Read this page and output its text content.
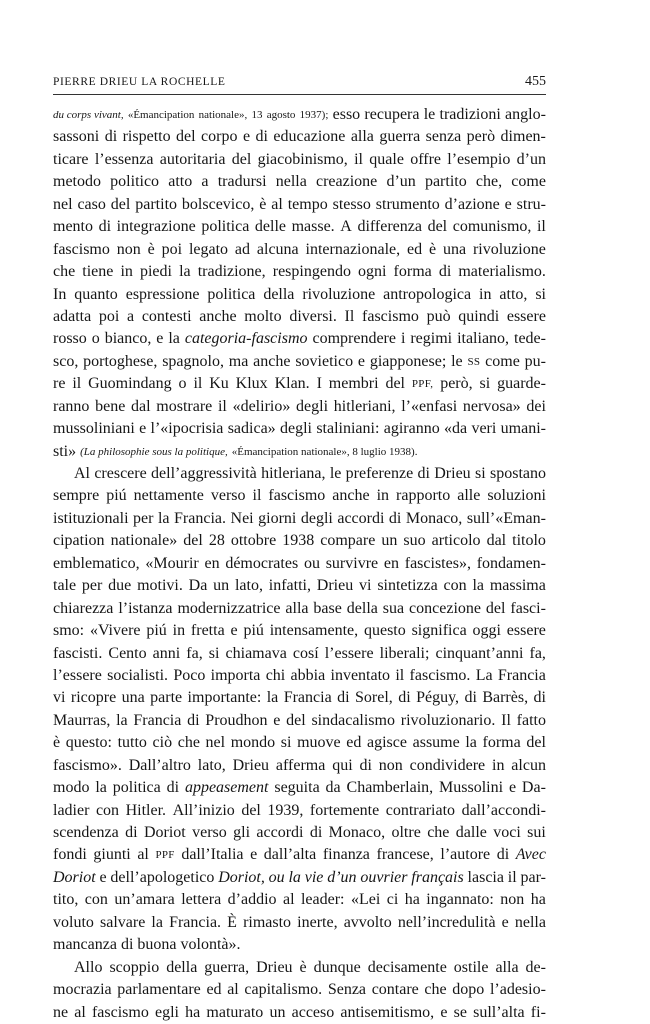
PIERRE DRIEU LA ROCHELLE	455
du corps vivant, «Émancipation nationale», 13 agosto 1937); esso recupera le tradizioni anglo-
sassoni di rispetto del corpo e di educazione alla guerra senza però dimen-
ticare l’essenza autoritaria del giacobinismo, il quale offre l’esempio d’un
metodo politico atto a tradursi nella creazione d’un partito che, come
nel caso del partito bolscevico, è al tempo stesso strumento d’azione e stru-
mento di integrazione politica delle masse. A differenza del comunismo, il
fascismo non è poi legato ad alcuna internazionale, ed è una rivoluzione
che tiene in piedi la tradizione, respingendo ogni forma di materialismo.
In quanto espressione politica della rivoluzione antropologica in atto, si
adatta poi a contesti anche molto diversi. Il fascismo può quindi essere
rosso o bianco, e la categoria-fascismo comprendere i regimi italiano, tede-
sco, portoghese, spagnolo, ma anche sovietico e giapponese; le SS come pu-
re il Guomindang o il Ku Klux Klan. I membri del PPF, però, si guarde-
ranno bene dal mostrare il «delirio» degli hitleriani, l’«enfasi nervosa» dei
mussoliniani e l’«ipocrisia sadica» degli staliniani: agiranno «da veri umani-
sti» (La philosophie sous la politique, «Émancipation nationale», 8 luglio 1938).
Al crescere dell’aggressività hitleriana, le preferenze di Drieu si spostano
sempre piú nettamente verso il fascismo anche in rapporto alle soluzioni
istituzionali per la Francia. Nei giorni degli accordi di Monaco, sull’«Eman-
cipation nationale» del 28 ottobre 1938 compare un suo articolo dal titolo
emblematico, «Mourir en démocrates ou survivre en fascistes», fondamen-
tale per due motivi. Da un lato, infatti, Drieu vi sintetizza con la massima
chiarezza l’istanza modernizzatrice alla base della sua concezione del fasci-
smo: «Vivere piú in fretta e piú intensamente, questo significa oggi essere
fascisti. Cento anni fa, si chiamava cosí l’essere liberali; cinquant’anni fa,
l’essere socialisti. Poco importa chi abbia inventato il fascismo. La Francia
vi ricopre una parte importante: la Francia di Sorel, di Péguy, di Barrès, di
Maurras, la Francia di Proudhon e del sindacalismo rivoluzionario. Il fatto
è questo: tutto ciò che nel mondo si muove ed agisce assume la forma del
fascismo». Dall’altro lato, Drieu afferma qui di non condividere in alcun
modo la politica di appeasement seguita da Chamberlain, Mussolini e Da-
ladier con Hitler. All’inizio del 1939, fortemente contrariato dall’accondi-
scendenza di Doriot verso gli accordi di Monaco, oltre che dalle voci sui
fondi giunti al PPF dall’Italia e dall’alta finanza francese, l’autore di Avec
Doriot e dell’apologetico Doriot, ou la vie d’un ouvrier français lascia il par-
tito, con un’amara lettera d’addio al leader: «Lei ci ha ingannato: non ha
voluto salvare la Francia. È rimasto inerte, avvolto nell’incredulità e nella
mancanza di buona volontà».
Allo scoppio della guerra, Drieu è dunque decisamente ostile alla de-
mocrazia parlamentare ed al capitalismo. Senza contare che dopo l’adesio-
ne al fascismo egli ha maturato un acceso antisemitismo, e se sull’alta fi-
